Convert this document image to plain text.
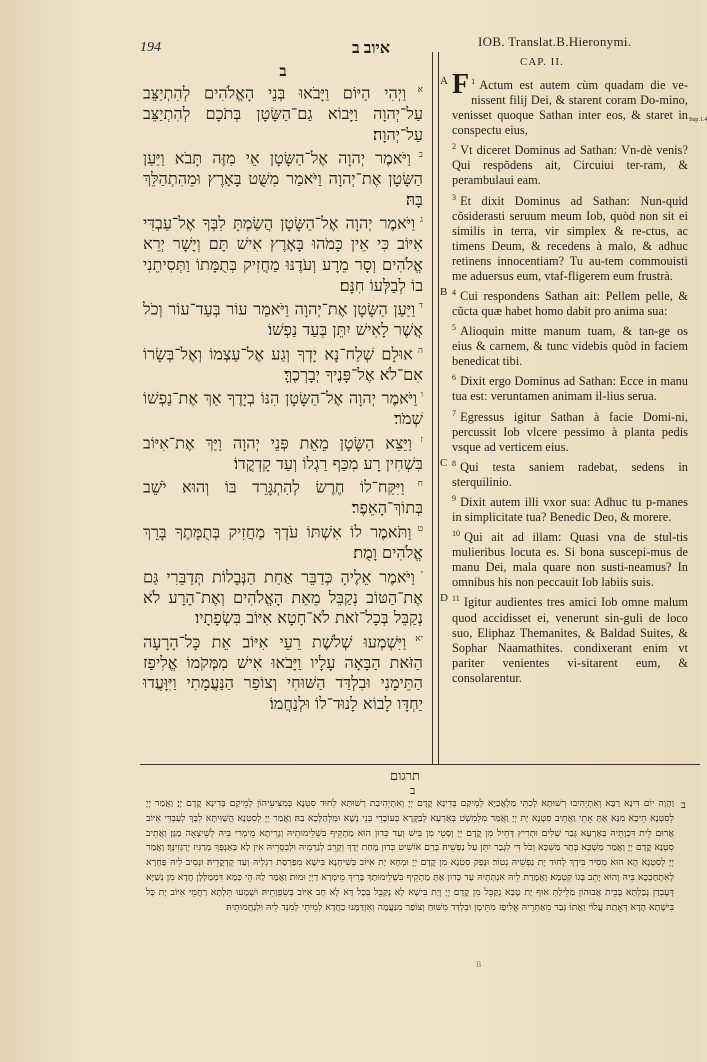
194	איוב ב	IOB. Translat.B.Hieronymi.
CAP. II.
ב

$^א$ וַיְהִי הַיּוֹם וַיָּבֹאוּ בְּנֵי הָאֱלֹהִים לְהִתְיַצֵּב עַל־יְהוָה וַיָּבוֹא גַם־הַשָּׂטָן בְּתֹכָם לְהִתְיַצֵּב עַל־יְהוָה׃

$^ב$ וַיֹּאמֶר יְהוָה אֶל־הַשָּׂטָן אֵי מִזֶּה תָּבֹא וַיַּעַן הַשָּׂטָן אֶת־יְהוָה וַיֹּאמַר מִשֻּׁט בָּאָרֶץ וּמֵהִתְהַלֵּךְ בָּהּ׃

$^ג$ וַיֹּאמֶר יְהוָה אֶל־הַשָּׂטָן הֲשַׂמְתָּ לִבְּךָ אֶל־עַבְדִּי אִיּוֹב כִּי אֵין כָּמֹהוּ בָּאָרֶץ אִישׁ תָּם וְיָשָׁר יְרֵא אֱלֹהִים וְסָר מֵרָע וְעֹדֶנּוּ מַחֲזִיק בְּתֻמָּתוֹ וַתְּסִיתֵנִי בוֹ לְבַלְּעוֹ חִנָּם׃

$^ד$ וַיַּעַן הַשָּׂטָן אֶת־יְהוָה וַיֹּאמַר עוֹר בְּעַד־עוֹר וְכֹל אֲשֶׁר לָאִישׁ יִתֵּן בְּעַד נַפְשׁוֹ׃

$^ה$ אוּלָם שְׁלַח־נָא יָדְךָ וְגַע אֶל־עַצְמוֹ וְאֶל־בְּשָׂרוֹ אִם־לֹא אֶל־פָּנֶיךָ יְבָרְכֶךָּ׃

$^ו$ וַיֹּאמֶר יְהוָה אֶל־הַשָּׂטָן הִנּוֹ בְיָדֶךָ אַךְ אֶת־נַפְשׁוֹ שְׁמֹר׃

$^ז$ וַיֵּצֵא הַשָּׂטָן מֵאֵת פְּנֵי יְהוָה וַיַּךְ אֶת־אִיּוֹב בִּשְׁחִין רָע מִכַּף רַגְלוֹ וְעַד קָדְקֳדוֹ׃

$^ח$ וַיִּקַּח־לוֹ חֶרֶשׂ לְהִתְגָּרֵד בּוֹ וְהוּא יֹשֵׁב בְּתוֹךְ־הָאֵפֶר׃

$^ט$ וַתֹּאמֶר לוֹ אִשְׁתּוֹ עֹדְךָ מַחֲזִיק בְּתֻמָּתֶךָ בָּרֵךְ אֱלֹהִים וָמֻת׃

$^י$ וַיֹּאמֶר אֵלֶיהָ כְּדַבֵּר אַחַת הַנְּבָלוֹת תְּדַבֵּרִי גַּם אֶת־הַטּוֹב נְקַבֵּל מֵאֵת הָאֱלֹהִים וְאֶת־הָרָע לֹא נְקַבֵּל בְּכָל־זֹאת לֹא־חָטָא אִיּוֹב בִּשְׂפָתָיו׃

$^{יא}$ וַיִּשְׁמְעוּ שְׁלֹשֶׁת רֵעֵי אִיּוֹב אֵת כָּל־הָרָעָה הַזֹּאת הַבָּאָה עָלָיו וַיָּבֹאוּ אִישׁ מִמְּקֹמוֹ אֱלִיפַז הַתֵּימָנִי וּבִלְדַּד הַשּׁוּחִי וְצוֹפַר הַנַּעֲמָתִי וַיִּוָּעֲדוּ יַחְדָּו לָבוֹא לָנוּד־לוֹ וּלְנַחֲמוֹ׃

A	$^1$
F Actum est autem cùm quadam die ve-nissent filij Dei, & starent coram Do-mino, venisset quoque Sathan inter eos, & staret in conspectu eius,

$^2$ Vt diceret Dominus ad Sathan: Vn-dè venis? Qui respõdens ait, Circuiui ter-ram, & perambulaui eam.

$^3$ Et dixit Dominus ad Sathan: Nun-quid cõsiderasti seruum meum Iob, quòd non sit ei similis in terra, vir simplex & re-ctus, ac timens Deum, & recedens à malo, & adhuc retinens innocentiam? Tu au-tem commouisti me aduersus eum, vtaf-fligerem eum frustrà.

B $^4$ Cui respondens Sathan ait: Pellem pelle, & cũcta quæ habet homo dabit pro anima sua:

$^5$ Alioquin mitte manum tuam, & tan-ge os eius & carnem, & tunc videbis quòd in faciem benedicat tibi.

$^6$ Dixit ergo Dominus ad Sathan: Ecce in manu tua est: veruntamen animam il-lius serua.

$^7$ Egressus igitur Sathan à facie Domi-ni, percussit Iob vlcere pessimo à planta pedis vsque ad verticem eius.

C $^8$ Qui testa saniem radebat, sedens in sterquilinio.

$^9$ Dixit autem illi vxor sua: Adhuc tu p-manes in simplicitate tua? Benedic Deo, & morere.

$^{10}$ Qui ait ad illam: Quasi vna de stul-tis mulieribus locuta es. Si bona suscepi-mus de manu Dei, mala quare non susti-neamus? In omnibus his non peccauit Iob labiis suis.

D $^{11}$ Igitur audientes tres amici Iob omne malum quod accidisset ei, venerunt sin-guli de loco suo, Eliphaz Themanites, & Baldad Suites, & Sophar Naamathites. condixerant enim vt pariter venientes vi-sitarent eum, & consolarentur.

Sup.1.4
תרגום
ב
ב
וַהֲוָה יוֹם דִּינָא רַבָּא וְאִתְיְהִיבוּ רְשׁוּתָא לְכִתֵּי מַלְאֲכַיָּא לְמֵיקַם בְּדִינָא קֳדָם יְיָ וְאִתְיְהִיבַת רְשׁוּתָא לְחוּד סִטְנָא בְּמִצִּיעֵיהוֹן לְמֵיקַם בְּדִינָא קֳדָם יְיָ׃ וַאֲמַר יְיָ לְסִטְנָא הֵיכָא מִנָּא אַתְּ אָתֵי וַאֲתֵיב סִטְנָא יָת יְיָ וַאֲמַר מִלְּמִשְׁׁט בְּאַרְעָא לְבַקָּרָא בְּעוֹבָדֵי בְּנֵי נָשָׁא וּמִלְּהַלָּכָא בַהּ׃ וַאֲמַר יְיָ לְסִטְנָא הֲשַׁוִּיתָא לִבָּךְ לְעַבְדִּי אִיּוֹב אֲרוּם לֵית דִּכְוָתֵיהּ בְּאַרְעָא גְּבַר שְׁלִים וּתְרִיץ דָּחֵיל מִן קֳדָם יְיָ וְסָטֵי מִן בִּישׁ וְעַד כְּדוּן הוּא מַתְקֵיף בִּשְׁלֵימוּתֵיהּ וְגָרֵיתָא מֵימְרִי בֵּיהּ לְשֵׁיצָאָה מַגָּן׃ וַאֲתֵיב סִטְנָא קֳדָם יְיָ וַאֲמַר מַשְׁכָּא בְּתַר מַשְׁכָּא וְכֹל דִּי לִגְבַר יִתֵּן עַל נַפְשֵׁיהּ׃ בְּרַם אוֹשֵׁיט כְּדוּן מָחַת יְדָךְ וְקָרֵב לְגַרְמֵיהּ וּלְבִסְרֵיהּ אִין לָא בְּאַנְפָּךְ מְרַגִּיז יְרַגְּזִינָּךְ׃ וַאֲמַר יְיָ לְסִטְנָא הָא הוּא מְסִיר בִּידָךְ לְחוּד יָת נַפְשֵׁיהּ נְטוֹר׃ וּנְפַק סִטְנָא מִן קֳדָם יְיָ וּמְחָא יָת אִיּוֹב בְּשִׁיחְנָא בִּישָׁא מִפַּרְסַת רִגְלֵיהּ וְעַד קָדְקֳדֵיהּ׃ וּנְסֵיב לֵיהּ פַּחְרָא לְאִתְחַכְכָא בֵּיהּ וְהוּא יָתֵב בְּגוֹ קִטְמָא׃ וַאֲמָרַת לֵיהּ אִנְתְּתֵיהּ עַד כְּדוּן אַתְּ מַתְקֵיף בִּשְׁלֵימוּתָךְ בָּרֵיךְ מֵימְרָא דַיְיָ וּמוּת׃ וַאֲמַר לַהּ הֵי כְּמָא דִּמְמַלְּלָן חֲדָא מִן נְשַׁיָּא דְּעָבְדַן נְבַלְתָּא בְּבֵית אֲבוּהוֹן מַלֵּילַתְּ אוּף יָת טָבָא נְקַבֵּל מִן קֳדָם יְיָ וְיָת בִּישָׁא לָא נְקַבֵּל בְּכָל דָּא לָא חָב אִיּוֹב בְּשִׂפְוָתֵיהּ׃ וּשְׁמָעוּ תְּלָתָא רַחֲמֵי אִיּוֹב יָת כָּל בִּישְׁתָא הָדָא דְּאָתַת עֲלוֹי וַאֲתוֹ גְּבַר מֵאַתְרֵיהּ אֱלִיפַז מִתֵּימָן וּבִלְדַּד מִשּׁוּחַ וְצוֹפַר מִנַּעֲמָה וְאִזְדַּמָּנוּ כַחֲדָא לְמֵיתֵי לְמִנְד לֵיהּ וּלְנַחֲמוּתֵיהּ׃
B
